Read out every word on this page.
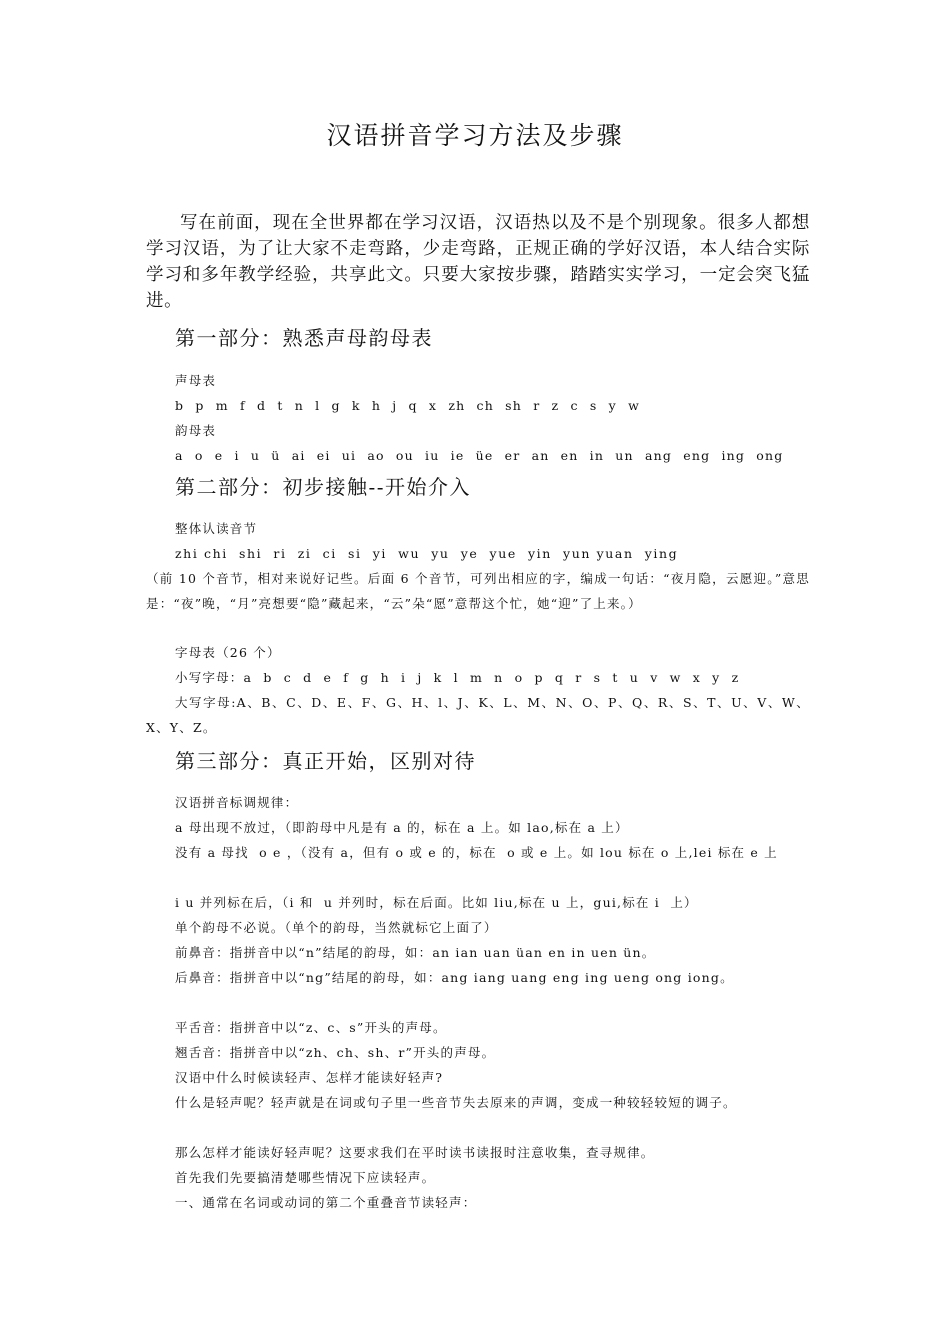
汉语拼音学习方法及步骤

写在前面，现在全世界都在学习汉语，汉语热以及不是个别现象。很多人都想学习汉语，为了让大家不走弯路，少走弯路，正规正确的学好汉语，本人结合实际学习和多年教学经验，共享此文。只要大家按步骤，踏踏实实学习，一定会突飞猛进。

第一部分：熟悉声母韵母表

声母表

b p m f d t n l g k h j q x zh ch sh r z c s y w

韵母表

a o e i u ü ai ei ui ao ou iu ie üe er an en in un ang eng ing ong

第二部分：初步接触--开始介入

整体认读音节

zhi chi  shi  ri  zi  ci  si  yi  wu  yu  ye  yue  yin  yun yuan  ying

（前 10 个音节，相对来说好记些。后面 6 个音节，可列出相应的字，编成一句话：“夜月隐，云愿迎。”意思是：“夜”晚，“月”亮想要“隐”藏起来，“云”朵“愿”意帮这个忙，她“迎”了上来。）

字母表（26 个）

小写字母：a b c d e f g h i j k l m n o p q r s t u v w x y z

大写字母:A、B、C、D、E、F、G、H、l、J、K、L、M、N、O、P、Q、R、S、T、U、V、W、X、Y、Z。

第三部分：真正开始，区别对待

汉语拼音标调规律：

a 母出现不放过，（即韵母中凡是有 a 的，标在 a 上。如 lao,标在 a 上）

没有 a 母找  o e ，（没有 a，但有 o 或 e 的，标在  o 或 e 上。如 lou 标在 o 上,lei 标在 e 上

i u 并列标在后，（i 和  u 并列时，标在后面。比如 liu,标在 u 上，gui,标在 i  上）

单个韵母不必说。（单个的韵母，当然就标它上面了）

前鼻音：指拼音中以“n”结尾的韵母，如：an ian uan üan en in uen ün。

后鼻音：指拼音中以“ng”结尾的韵母，如：ang iang uang eng ing ueng ong iong。

平舌音：指拼音中以“z、c、s”开头的声母。

翘舌音：指拼音中以“zh、ch、sh、r”开头的声母。

汉语中什么时候读轻声、怎样才能读好轻声?

什么是轻声呢？轻声就是在词或句子里一些音节失去原来的声调，变成一种较轻较短的调子。

那么怎样才能读好轻声呢？这要求我们在平时读书读报时注意收集，查寻规律。

首先我们先要搞清楚哪些情况下应读轻声。

一、通常在名词或动词的第二个重叠音节读轻声：
